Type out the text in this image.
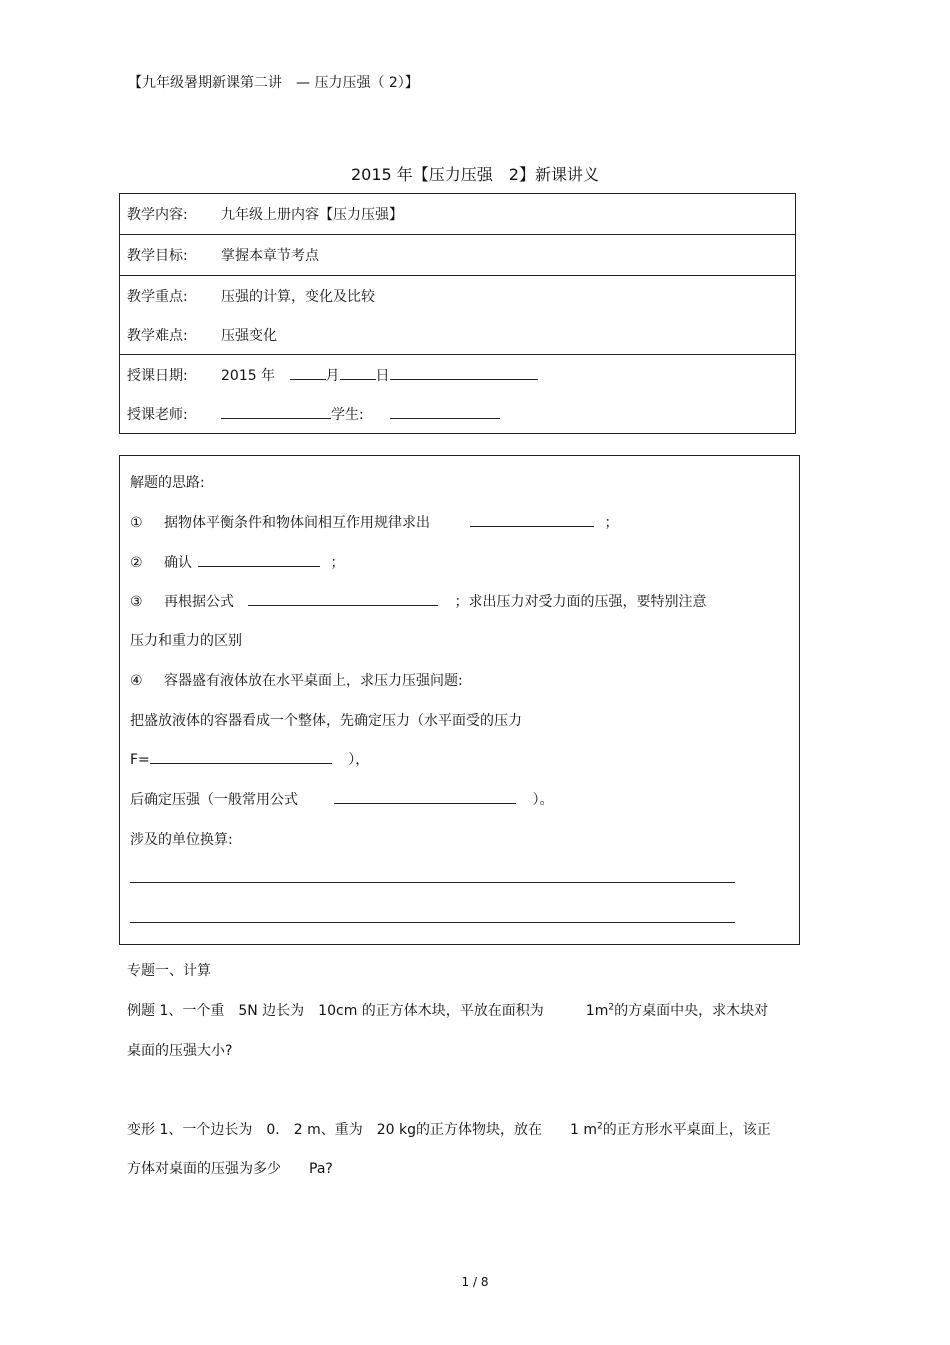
【九年级暑期新课第二讲　— 压力压强（ 2）】
2015 年【压力压强　2】新课讲义
教学内容: 九年级上册内容【压力压强】
教学目标: 掌握本章节考点
教学重点: 压强的计算，变化及比较
教学难点: 压强变化
授课日期: 2015 年	月	日
授课老师:	学生:
解题的思路:
① 据物体平衡条件和物体间相互作用规律求出	；
② 确认	；
③ 再根据公式	；求出压力对受力面的压强，要特别注意
压力和重力的区别
④ 容器盛有液体放在水平桌面上，求压力压强问题:
把盛放液体的容器看成一个整体，先确定压力（水平面受的压力
F=	），
后确定压强（一般常用公式	）。
涉及的单位换算:
专题一、计算
例题 1、一个重　5N 边长为　10cm 的正方体木块，平放在面积为　　　$1m^2$的方桌面中央，求木块对
桌面的压强大小?
变形 1、一个边长为　0.　2 m、重为　20 kg的正方体物块，放在　　1 $m^2$的正方形水平桌面上，该正
方体对桌面的压强为多少　　Pa?
1 / 8
